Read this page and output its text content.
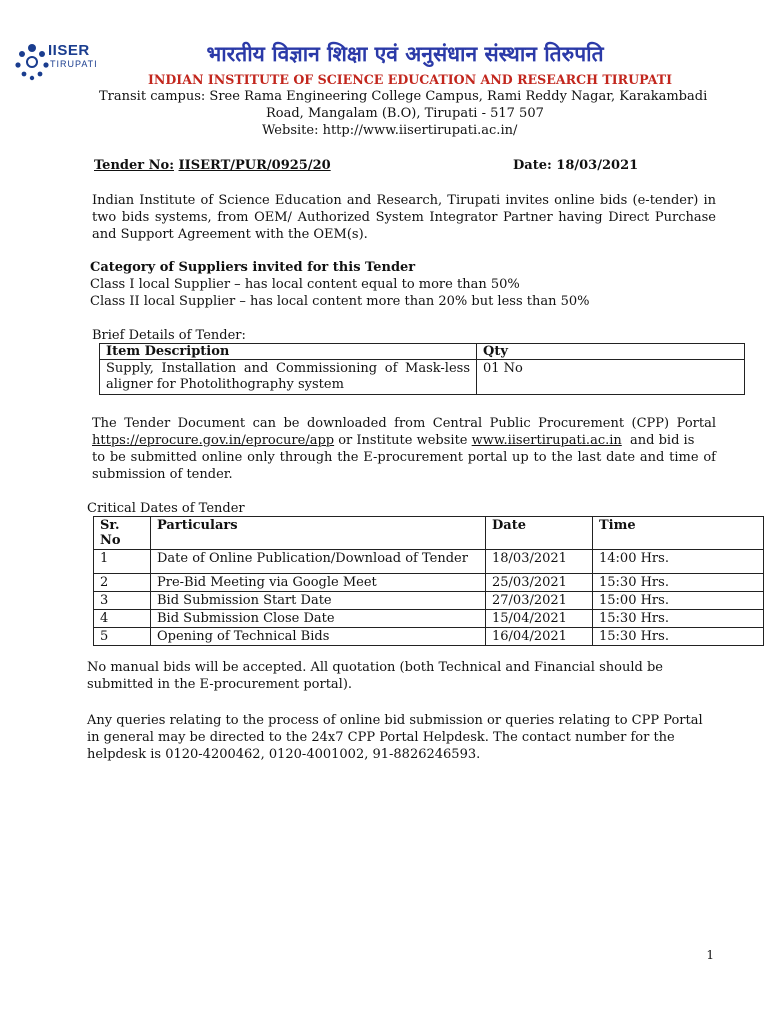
IISER
TIRUPATI	भारतीय विज्ञान शिक्षा एवं अनुसंधान संस्थान तिरुपति
INDIAN INSTITUTE OF SCIENCE EDUCATION AND RESEARCH TIRUPATI
Transit campus: Sree Rama Engineering College Campus, Rami Reddy Nagar, Karakambadi
Road, Mangalam (B.O), Tirupati - 517 507
Website: http://www.iisertirupati.ac.in/
Tender No: IISERT/PUR/0925/20	Date: 18/03/2021
Indian Institute of Science Education and Research, Tirupati invites online bids (e-tender) in
two bids systems, from OEM/ Authorized System Integrator Partner having Direct Purchase
and Support Agreement with the OEM(s).
Category of Suppliers invited for this Tender
Class I local Supplier – has local content equal to more than 50%
Class II local Supplier – has local content more than 20% but less than 50%
Brief Details of Tender:
Item Description	Qty

Supply, Installation and Commissioning of Mask-less
aligner for Photolithography system	01 No
The Tender Document can be downloaded from Central Public Procurement (CPP) Portal
https://eprocure.gov.in/eprocure/app or Institute website www.iisertirupati.ac.in  and bid is
to be submitted online only through the E-procurement portal up to the last date and time of
submission of tender.
Critical Dates of Tender
Sr. No	Particulars	Date	Time
1	Date of Online Publication/Download of Tender	18/03/2021	14:00 Hrs.
2	Pre-Bid Meeting via Google Meet	25/03/2021	15:30 Hrs.
3	Bid Submission Start Date	27/03/2021	15:00 Hrs.
4	Bid Submission Close Date	15/04/2021	15:30 Hrs.
5	Opening of Technical Bids	16/04/2021	15:30 Hrs.
No manual bids will be accepted. All quotation (both Technical and Financial should be
submitted in the E-procurement portal).
Any queries relating to the process of online bid submission or queries relating to CPP Portal
in general may be directed to the 24x7 CPP Portal Helpdesk. The contact number for the
helpdesk is 0120-4200462, 0120-4001002, 91-8826246593.
1
